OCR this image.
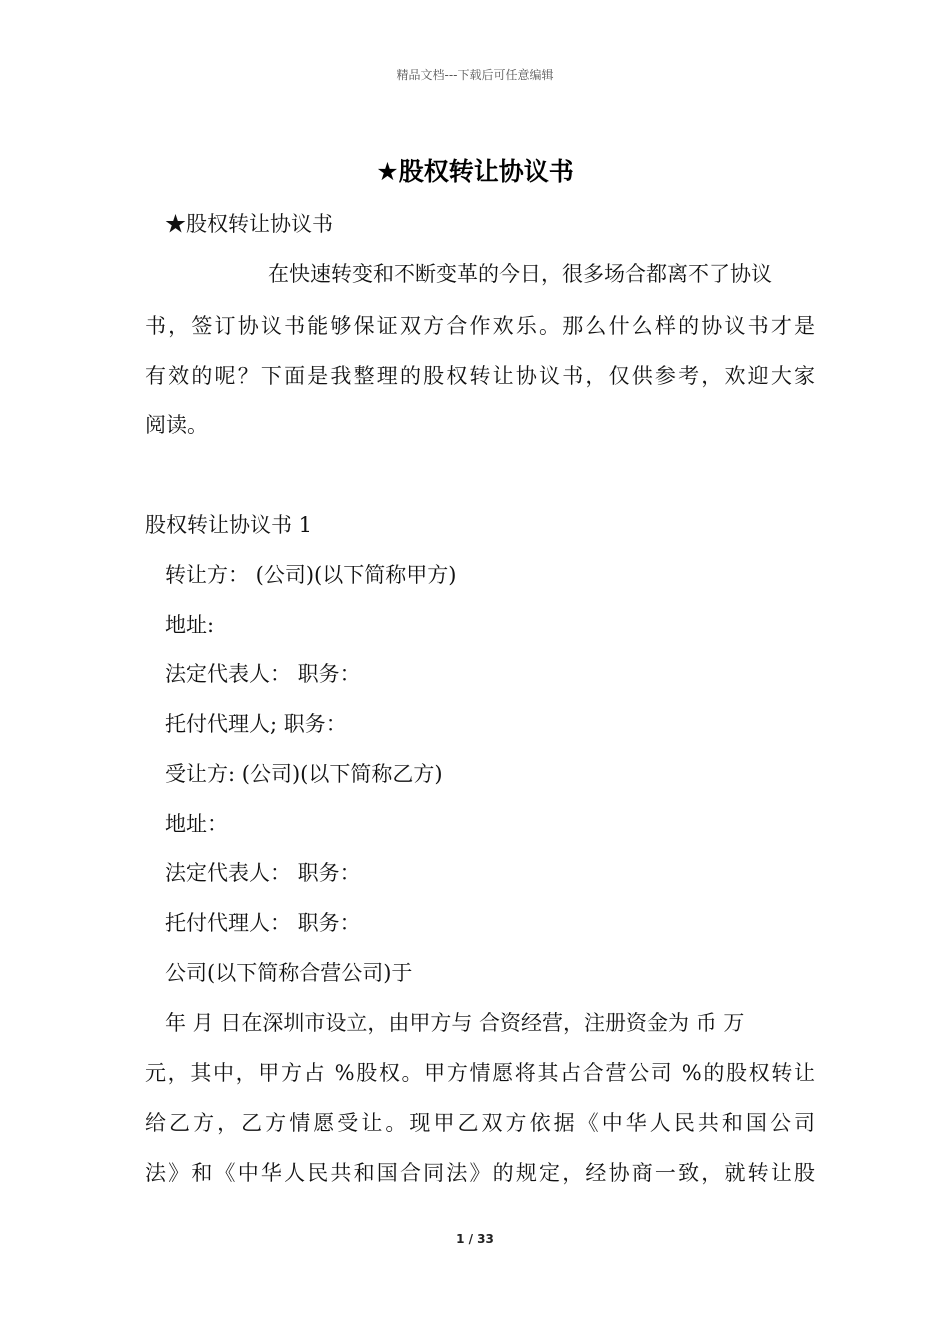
精品文档---下载后可任意编辑
★股权转让协议书
★股权转让协议书
在快速转变和不断变革的今日，很多场合都离不了协议
书，签订协议书能够保证双方合作欢乐。那么什么样的协议书才是
有效的呢？下面是我整理的股权转让协议书，仅供参考，欢迎大家
阅读。
股权转让协议书 1
转让方： (公司)(以下简称甲方)
地址:
法定代表人： 职务：
托付代理人; 职务：
受让方: (公司)(以下简称乙方)
地址：
法定代表人： 职务：
托付代理人： 职务：
公司(以下简称合营公司)于
年 月 日在深圳市设立，由甲方与 合资经营，注册资金为 币 万
元，其中，甲方占 %股权。甲方情愿将其占合营公司 %的股权转让
给乙方，乙方情愿受让。现甲乙双方依据《中华人民共和国公司
法》和《中华人民共和国合同法》的规定，经协商一致，就转让股
1 / 33
